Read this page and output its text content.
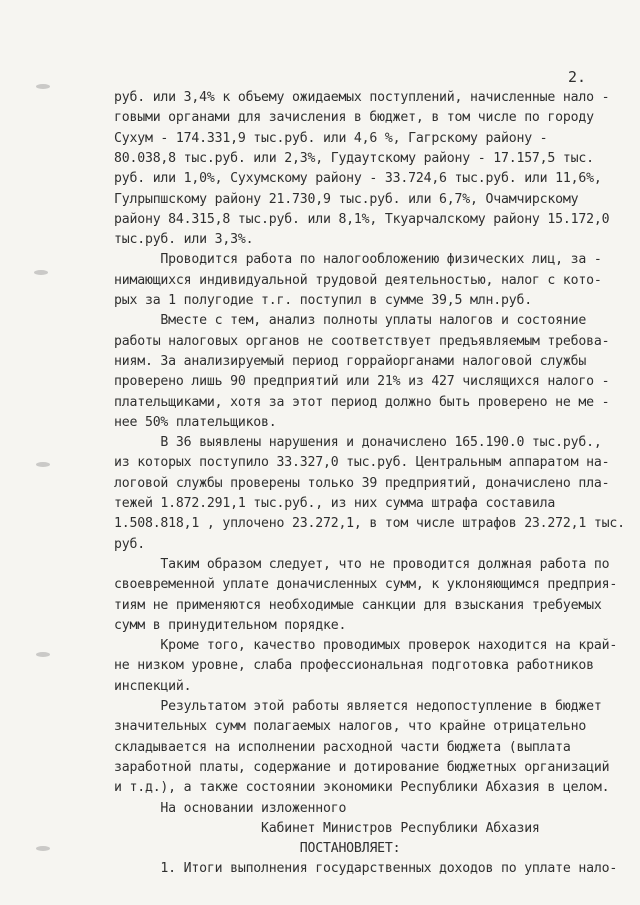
2.
руб. или 3,4% к объему ожидаемых поступлений, начисленные нало -
говыми органами для зачисления в бюджет, в том числе по городу
Сухум - 174.331,9 тыс.руб. или 4,6 %, Гагрскому району -
80.038,8 тыс.руб. или 2,3%, Гудаутскому району - 17.157,5 тыс.
руб. или 1,0%, Сухумскому району - 33.724,6 тыс.руб. или 11,6%,
Гулрыпшскому району 21.730,9 тыс.руб. или 6,7%, Очамчирскому
району 84.315,8 тыс.руб. или 8,1%, Ткуарчалскому району 15.172,0
тыс.руб. или 3,3%.
Проводится работа по налогообложению физических лиц, за -
нимающихся индивидуальной трудовой деятельностью, налог с кото-
рых за 1 полугодие т.г. поступил в сумме 39,5 млн.руб.
Вместе с тем, анализ полноты уплаты налогов и состояние
работы налоговых органов не соответствует предъявляемым требова-
ниям. За анализируемый период горрайорганами налоговой службы
проверено лишь 90 предприятий или 21% из 427 числящихся налого -
плательщиками, хотя за этот период должно быть проверено не ме -
нее 50% плательщиков.
В 36 выявлены нарушения и доначислено 165.190.0 тыс.руб.,
из которых поступило 33.327,0 тыс.руб. Центральным аппаратом на-
логовой службы проверены только 39 предприятий, доначислено пла-
тежей 1.872.291,1 тыс.руб., из них сумма штрафа составила
1.508.818,1 , уплочено 23.272,1, в том числе штрафов 23.272,1 тыс.
руб.
Таким образом следует, что не проводится должная работа по
своевременной уплате доначисленных сумм, к уклоняющимся предприя-
тиям не применяются необходимые санкции для взыскания требуемых
сумм в принудительном порядке.
Кроме того, качество проводимых проверок находится на край-
не низком уровне, слаба профессиональная подготовка работников
инспекций.
Результатом этой работы является недопоступление в бюджет
значительных сумм полагаемых налогов, что крайне отрицательно
складывается на исполнении расходной части бюджета (выплата
заработной платы, содержание и дотирование бюджетных организаций
и т.д.), а также состоянии экономики Республики Абхазия в целом.
На основании изложенного
Кабинет Министров Республики Абхазия
ПОСТАНОВЛЯЕТ:
1. Итоги выполнения государственных доходов по уплате нало-
